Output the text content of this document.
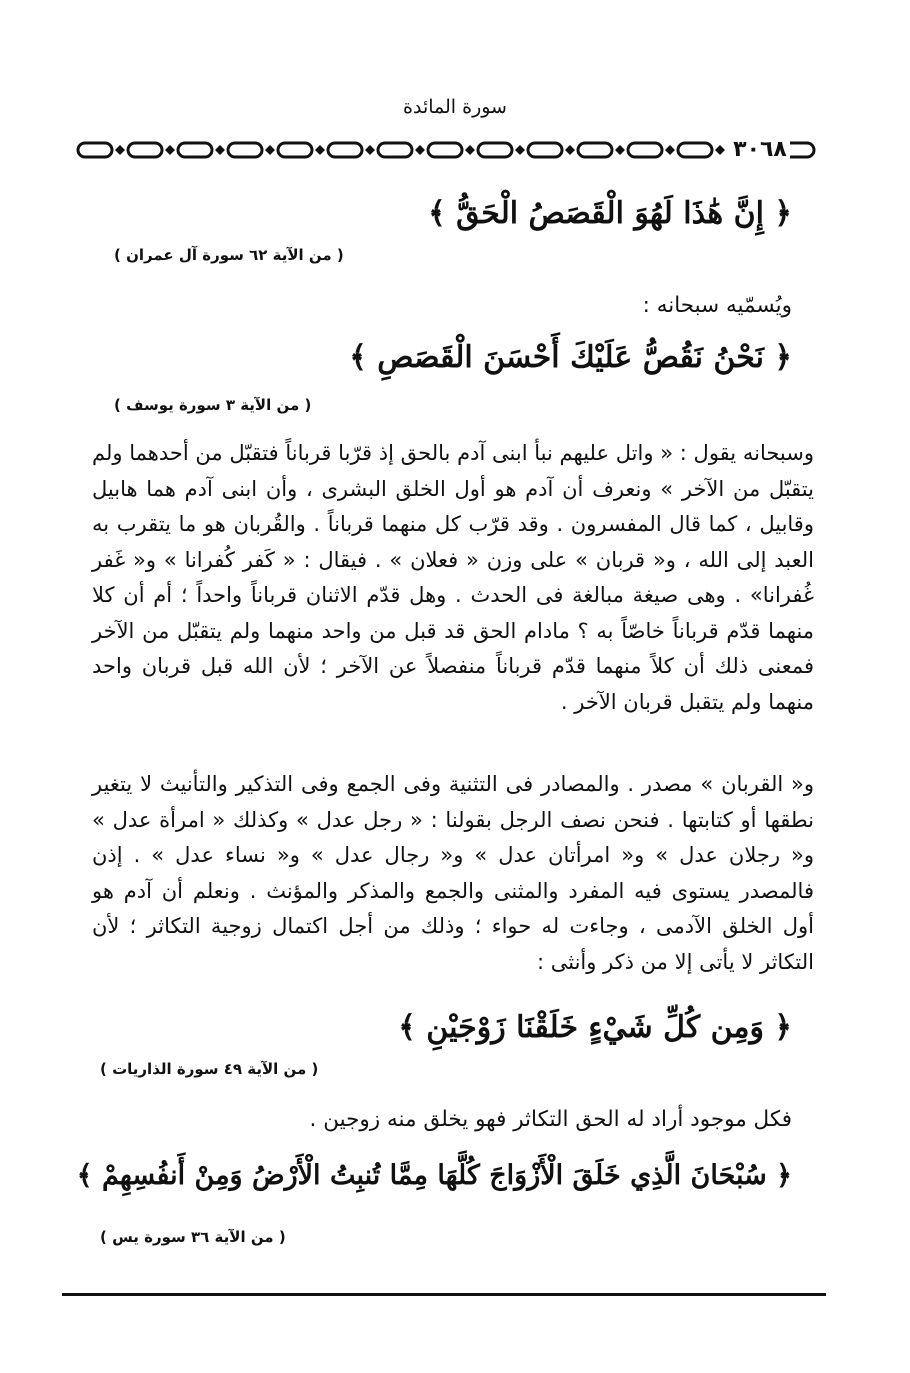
سورة المائدة
٣٠٦٨
﴿ إِنَّ هَٰذَا لَهُوَ الْقَصَصُ الْحَقُّ ﴾
( من الآية ٦٢ سورة آل عمران )
ويُسمّيه سبحانه :
﴿ نَحْنُ نَقُصُّ عَلَيْكَ أَحْسَنَ الْقَصَصِ ﴾
( من الآية ٣ سورة يوسف )
وسبحانه يقول : « واتل عليهم نبأ ابنى آدم بالحق إذ قرّبا قرباناً فتقبّل من أحدهما ولم يتقبّل من الآخر » ونعرف أن آدم هو أول الخلق البشرى ، وأن ابنى آدم هما هابيل وقابيل ، كما قال المفسرون . وقد قرّب كل منهما قرباناً . والقُربان هو ما يتقرب به العبد إلى الله ، و« قربان » على وزن « فعلان » . فيقال : « كَفر كُفرانا » و« غَفر غُفرانا» . وهى صيغة مبالغة فى الحدث . وهل قدّم الاثنان قرباناً واحداً ؛ أم أن كلا منهما قدّم قرباناً خاصّاً به ؟ مادام الحق قد قبل من واحد منهما ولم يتقبّل من الآخر فمعنى ذلك أن كلاً منهما قدّم قرباناً منفصلاً عن الآخر ؛ لأن الله قبل قربان واحد منهما ولم يتقبل قربان الآخر .
و« القربان » مصدر . والمصادر فى التثنية وفى الجمع وفى التذكير والتأنيث لا يتغير نطقها أو كتابتها . فنحن نصف الرجل بقولنا : « رجل عدل » وكذلك « امرأة عدل » و« رجلان عدل » و« امرأتان عدل » و« رجال عدل » و« نساء عدل » . إذن فالمصدر يستوى فيه المفرد والمثنى والجمع والمذكر والمؤنث . ونعلم أن آدم هو أول الخلق الآدمى ، وجاءت له حواء ؛ وذلك من أجل اكتمال زوجية التكاثر ؛ لأن التكاثر لا يأتى إلا من ذكر وأنثى :
﴿ وَمِن كُلِّ شَيْءٍ خَلَقْنَا زَوْجَيْنِ ﴾
( من الآية ٤٩ سورة الذاريات )
فكل موجود أراد له الحق التكاثر فهو يخلق منه زوجين .
﴿ سُبْحَانَ الَّذِي خَلَقَ الْأَزْوَاجَ كُلَّهَا مِمَّا تُنبِتُ الْأَرْضُ وَمِنْ أَنفُسِهِمْ ﴾
( من الآية ٣٦ سورة يس )
